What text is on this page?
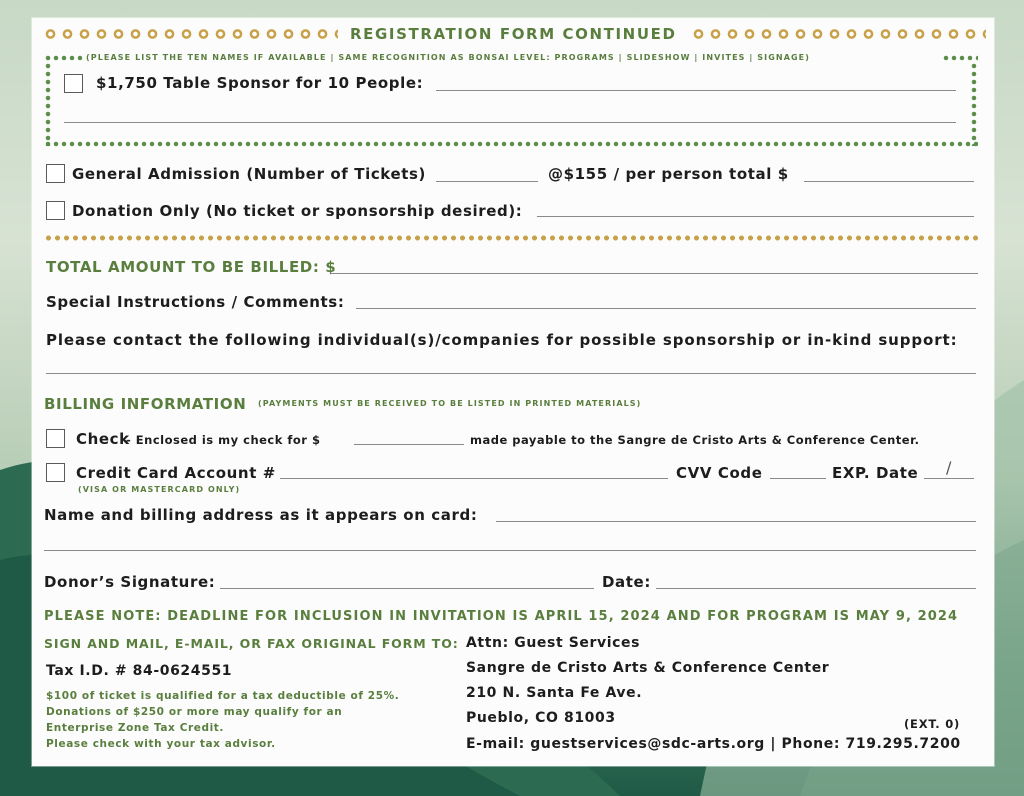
REGISTRATION FORM CONTINUED
(PLEASE LIST THE TEN NAMES IF AVAILABLE | SAME RECOGNITION AS BONSAI LEVEL: PROGRAMS | SLIDESHOW | INVITES | SIGNAGE)
$1,750 Table Sponsor for 10 People:
General Admission (Number of Tickets)	@$155 / per person total $
Donation Only (No ticket or sponsorship desired):
TOTAL AMOUNT TO BE BILLED: $
Special Instructions / Comments:
Please contact the following individual(s)/companies for possible sponsorship or in-kind support:
BILLING INFORMATION (PAYMENTS MUST BE RECEIVED TO BE LISTED IN PRINTED MATERIALS)
Check
- Enclosed is my check for $	made payable to the Sangre de Cristo Arts & Conference Center.
Credit Card Account #
(VISA OR MASTERCARD ONLY)
CVV Code	EXP. Date /
Name and billing address as it appears on card:
Donor’s Signature:	Date:
PLEASE NOTE: DEADLINE FOR INCLUSION IN INVITATION IS APRIL 15, 2024 AND FOR PROGRAM IS MAY 9, 2024
SIGN AND MAIL, E-MAIL, OR FAX ORIGINAL FORM TO:
Tax I.D. # 84-0624551
$100 of ticket is qualified for a tax deductible of 25%.
Donations of $250 or more may qualify for an
Enterprise Zone Tax Credit.
Please check with your tax advisor.
Attn: Guest Services
Sangre de Cristo Arts & Conference Center
210 N. Santa Fe Ave.
Pueblo, CO 81003	(EXT. 0)
E-mail: guestservices@sdc-arts.org | Phone: 719.295.7200
